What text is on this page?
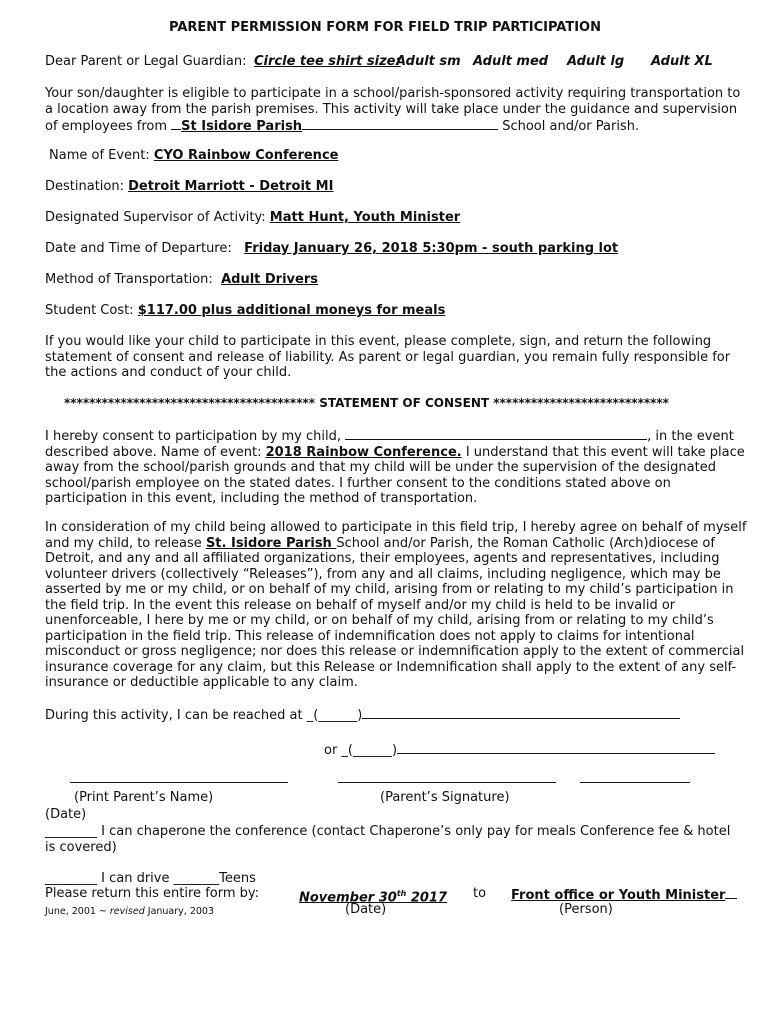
PARENT PERMISSION FORM FOR FIELD TRIP PARTICIPATION
Dear Parent or Legal Guardian: Circle tee shirt size:
Adult sm Adult med Adult lg Adult XL
Your son/daughter is eligible to participate in a school/parish-sponsored activity requiring transportation to
a location away from the parish premises. This activity will take place under the guidance and supervision
of employees from St Isidore Parish	School and/or Parish.
Name of Event: CYO Rainbow Conference
Destination: Detroit Marriott - Detroit MI
Designated Supervisor of Activity: Matt Hunt, Youth Minister
Date and Time of Departure: Friday January 26, 2018 5:30pm - south parking lot
Method of Transportation: Adult Drivers
Student Cost: $117.00 plus additional moneys for meals
If you would like your child to participate in this event, please complete, sign, and return the following
statement of consent and release of liability. As parent or legal guardian, you remain fully responsible for
the actions and conduct of your child.
**************************************** STATEMENT OF CONSENT ****************************
I hereby consent to participation by my child,	, in the event
described above. Name of event: 2018 Rainbow Conference. I understand that this event will take place
away from the school/parish grounds and that my child will be under the supervision of the designated
school/parish employee on the stated dates. I further consent to the conditions stated above on
participation in this event, including the method of transportation.
In consideration of my child being allowed to participate in this field trip, I hereby agree on behalf of myself
and my child, to release St. Isidore Parish School and/or Parish, the Roman Catholic (Arch)diocese of
Detroit, and any and all affiliated organizations, their employees, agents and representatives, including
volunteer drivers (collectively “Releases”), from any and all claims, including negligence, which may be
asserted by me or my child, or on behalf of my child, arising from or relating to my child’s participation in
the field trip. In the event this release on behalf of myself and/or my child is held to be invalid or
unenforceable, I here by me or my child, or on behalf of my child, arising from or relating to my child’s
participation in the field trip. This release of indemnification does not apply to claims for intentional
misconduct or gross negligence; nor does this release or indemnification apply to the extent of commercial
insurance coverage for any claim, but this Release or Indemnification shall apply to the extent of any self-
insurance or deductible applicable to any claim.
During this activity, I can be reached at _(______)
or _(______)
(Print Parent’s Name)	(Parent’s Signature)
(Date)
________ I can chaperone the conference (contact Chaperone’s only pay for meals Conference fee & hotel
is covered)
________ I can drive _______Teens
Please return this entire form by:	November 30th 2017 to Front office or Youth Minister
June, 2001 ~ revised January, 2003	(Date)	(Person)
